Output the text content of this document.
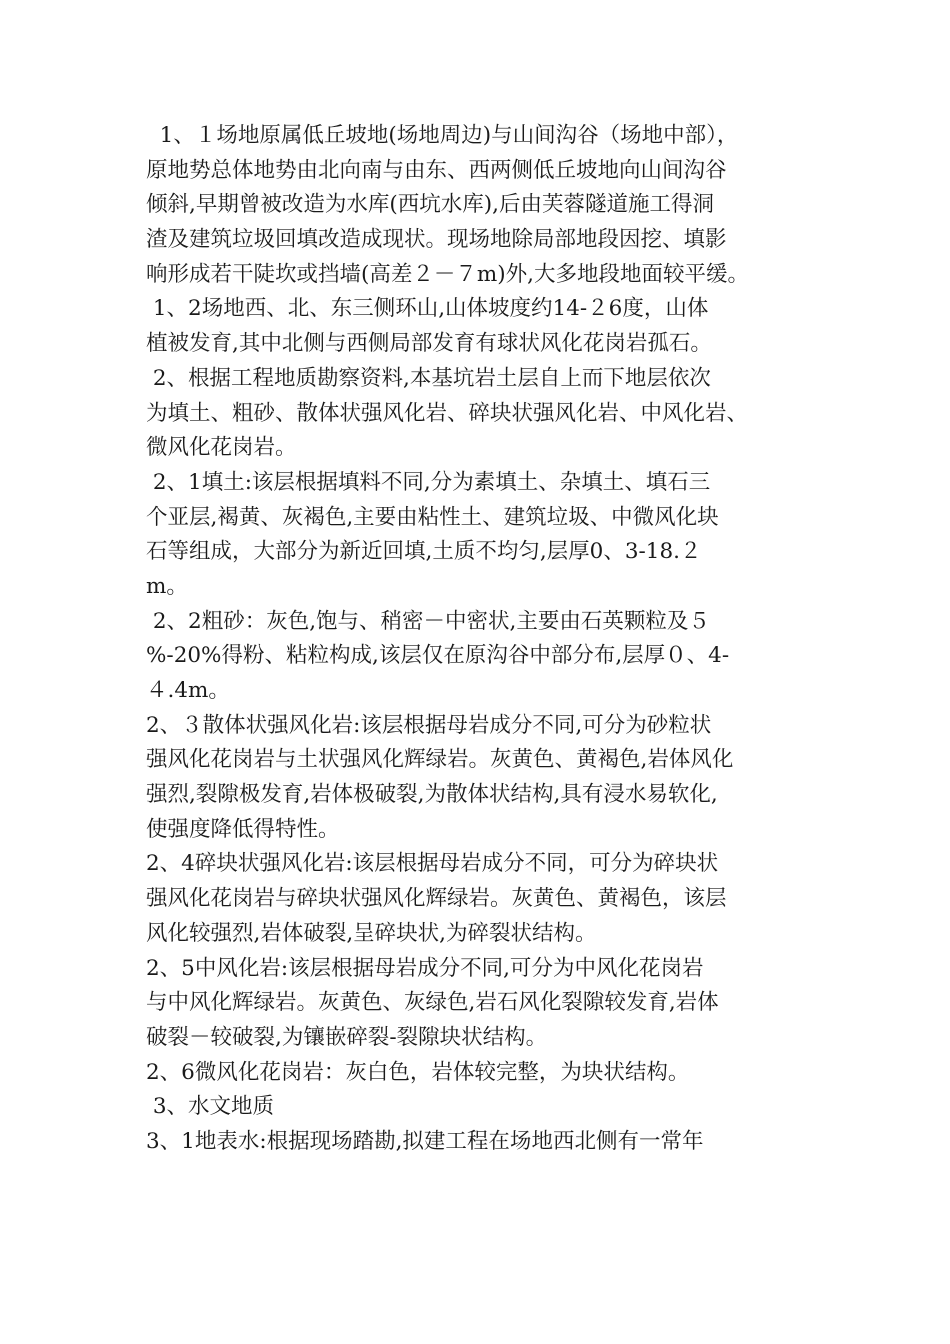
1、１场地原属低丘坡地(场地周边)与山间沟谷（场地中部），
原地势总体地势由北向南与由东、西两侧低丘坡地向山间沟谷
倾斜,早期曾被改造为水库(西坑水库),后由芙蓉隧道施工得洞
渣及建筑垃圾回填改造成现状。现场地除局部地段因挖、填影
响形成若干陡坎或挡墙(高差２－７m)外,大多地段地面较平缓。
1、2场地西、北、东三侧环山,山体坡度约14-２6度，山体
植被发育,其中北侧与西侧局部发育有球状风化花岗岩孤石。
2、根据工程地质勘察资料,本基坑岩土层自上而下地层依次
为填土、粗砂、散体状强风化岩、碎块状强风化岩、中风化岩、
微风化花岗岩。
2、1填土:该层根据填料不同,分为素填土、杂填土、填石三
个亚层,褐黄、灰褐色,主要由粘性土、建筑垃圾、中微风化块
石等组成，大部分为新近回填,土质不均匀,层厚0、3-18.２
m。
2、2粗砂：灰色,饱与、稍密－中密状,主要由石英颗粒及５
%-20%得粉、粘粒构成,该层仅在原沟谷中部分布,层厚０、4-
４.4m。
2、３散体状强风化岩:该层根据母岩成分不同,可分为砂粒状
强风化花岗岩与土状强风化辉绿岩。灰黄色、黄褐色,岩体风化
强烈,裂隙极发育,岩体极破裂,为散体状结构,具有浸水易软化,
使强度降低得特性。
2、4碎块状强风化岩:该层根据母岩成分不同，可分为碎块状
强风化花岗岩与碎块状强风化辉绿岩。灰黄色、黄褐色，该层
风化较强烈,岩体破裂,呈碎块状,为碎裂状结构。
2、5中风化岩:该层根据母岩成分不同,可分为中风化花岗岩
与中风化辉绿岩。灰黄色、灰绿色,岩石风化裂隙较发育,岩体
破裂－较破裂,为镶嵌碎裂-裂隙块状结构。
2、6微风化花岗岩：灰白色，岩体较完整，为块状结构。
3、水文地质
3、1地表水:根据现场踏勘,拟建工程在场地西北侧有一常年
